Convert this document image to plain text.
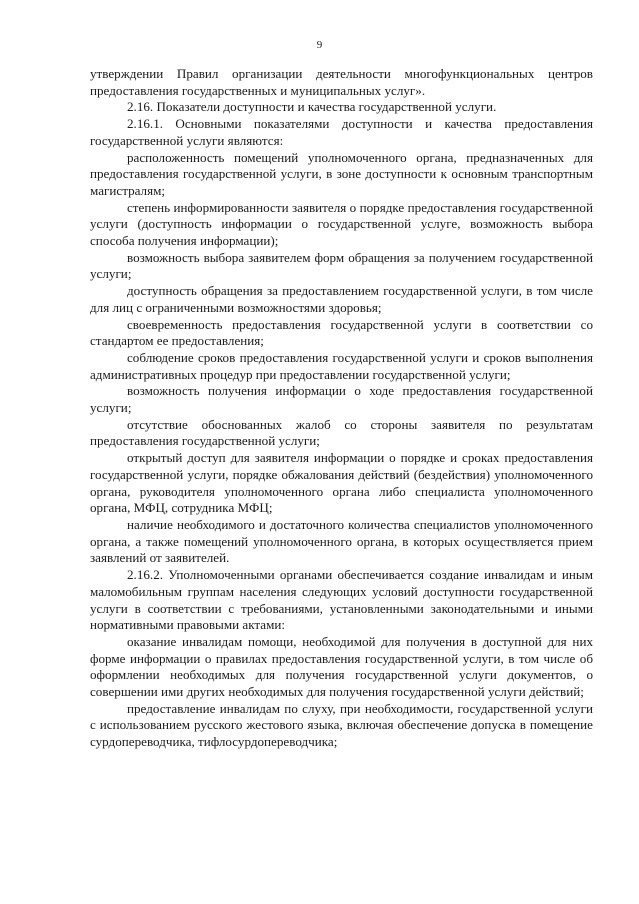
9

утверждении Правил организации деятельности многофункциональных центров предоставления государственных и муниципальных услуг».

2.16. Показатели доступности и качества государственной услуги.

2.16.1. Основными показателями доступности и качества предоставления государственной услуги являются:

расположенность помещений уполномоченного органа, предназначенных для предоставления государственной услуги, в зоне доступности к основным транспортным магистралям;

степень информированности заявителя о порядке предоставления государственной услуги (доступность информации о государственной услуге, возможность выбора способа получения информации);

возможность выбора заявителем форм обращения за получением государственной услуги;

доступность обращения за предоставлением государственной услуги, в том числе для лиц с ограниченными возможностями здоровья;

своевременность предоставления государственной услуги в соответствии со стандартом ее предоставления;

соблюдение сроков предоставления государственной услуги и сроков выполнения административных процедур при предоставлении государственной услуги;

возможность получения информации о ходе предоставления государственной услуги;

отсутствие обоснованных жалоб со стороны заявителя по результатам предоставления государственной услуги;

открытый доступ для заявителя информации о порядке и сроках предоставления государственной услуги, порядке обжалования действий (бездействия) уполномоченного органа, руководителя уполномоченного органа либо специалиста уполномоченного органа, МФЦ, сотрудника МФЦ;

наличие необходимого и достаточного количества специалистов уполномоченного органа, а также помещений уполномоченного органа, в которых осуществляется прием заявлений от заявителей.

2.16.2. Уполномоченными органами обеспечивается создание инвалидам и иным маломобильным группам населения следующих условий доступности государственной услуги в соответствии с требованиями, установленными законодательными и иными нормативными правовыми актами:

оказание инвалидам помощи, необходимой для получения в доступной для них форме информации о правилах предоставления государственной услуги, в том числе об оформлении необходимых для получения государственной услуги документов, о совершении ими других необходимых для получения государственной услуги действий;

предоставление инвалидам по слуху, при необходимости, государственной услуги с использованием русского жестового языка, включая обеспечение допуска в помещение сурдопереводчика, тифлосурдопереводчика;
